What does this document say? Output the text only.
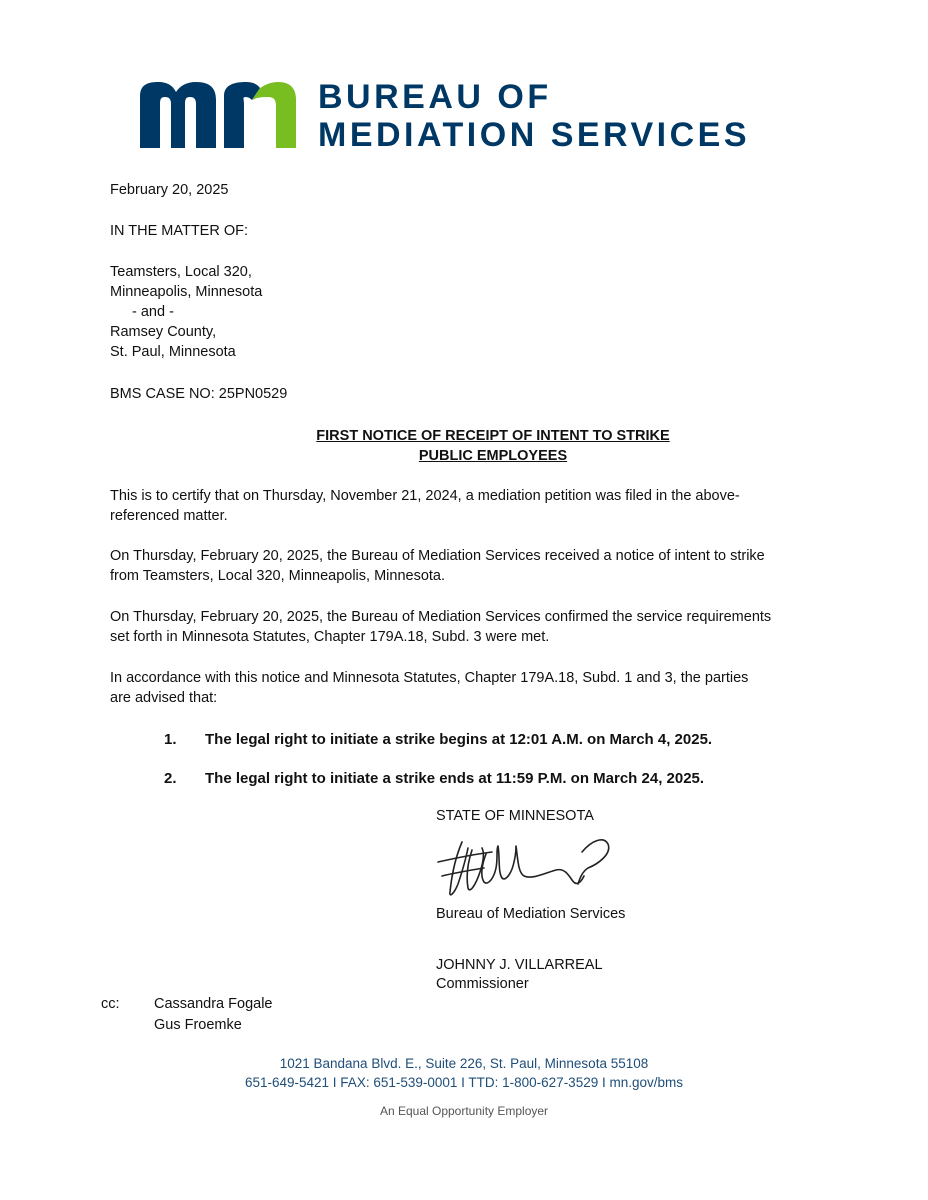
BUREAU OF
MEDIATION SERVICES
February 20, 2025
IN THE MATTER OF:
Teamsters, Local 320,
Minneapolis, Minnesota
- and -
Ramsey County,
St. Paul, Minnesota
BMS CASE NO: 25PN0529
FIRST NOTICE OF RECEIPT OF INTENT TO STRIKE
PUBLIC EMPLOYEES
This is to certify that on Thursday, November 21, 2024, a mediation petition was filed in the above-
referenced matter.
On Thursday, February 20, 2025, the Bureau of Mediation Services received a notice of intent to strike
from Teamsters, Local 320, Minneapolis, Minnesota.
On Thursday, February 20, 2025, the Bureau of Mediation Services confirmed the service requirements
set forth in Minnesota Statutes, Chapter 179A.18, Subd. 3 were met.
In accordance with this notice and Minnesota Statutes, Chapter 179A.18, Subd. 1 and 3, the parties
are advised that:
1. The legal right to initiate a strike begins at 12:01 A.M. on March 4, 2025.
2. The legal right to initiate a strike ends at 11:59 P.M. on March 24, 2025.
STATE OF MINNESOTA
Bureau of Mediation Services
JOHNNY J. VILLARREAL
Commissioner
cc: Cassandra Fogale
Gus Froemke
1021 Bandana Blvd. E., Suite 226, St. Paul, Minnesota 55108
651-649-5421 I FAX: 651-539-0001 I TTD: 1-800-627-3529 I mn.gov/bms
An Equal Opportunity Employer
